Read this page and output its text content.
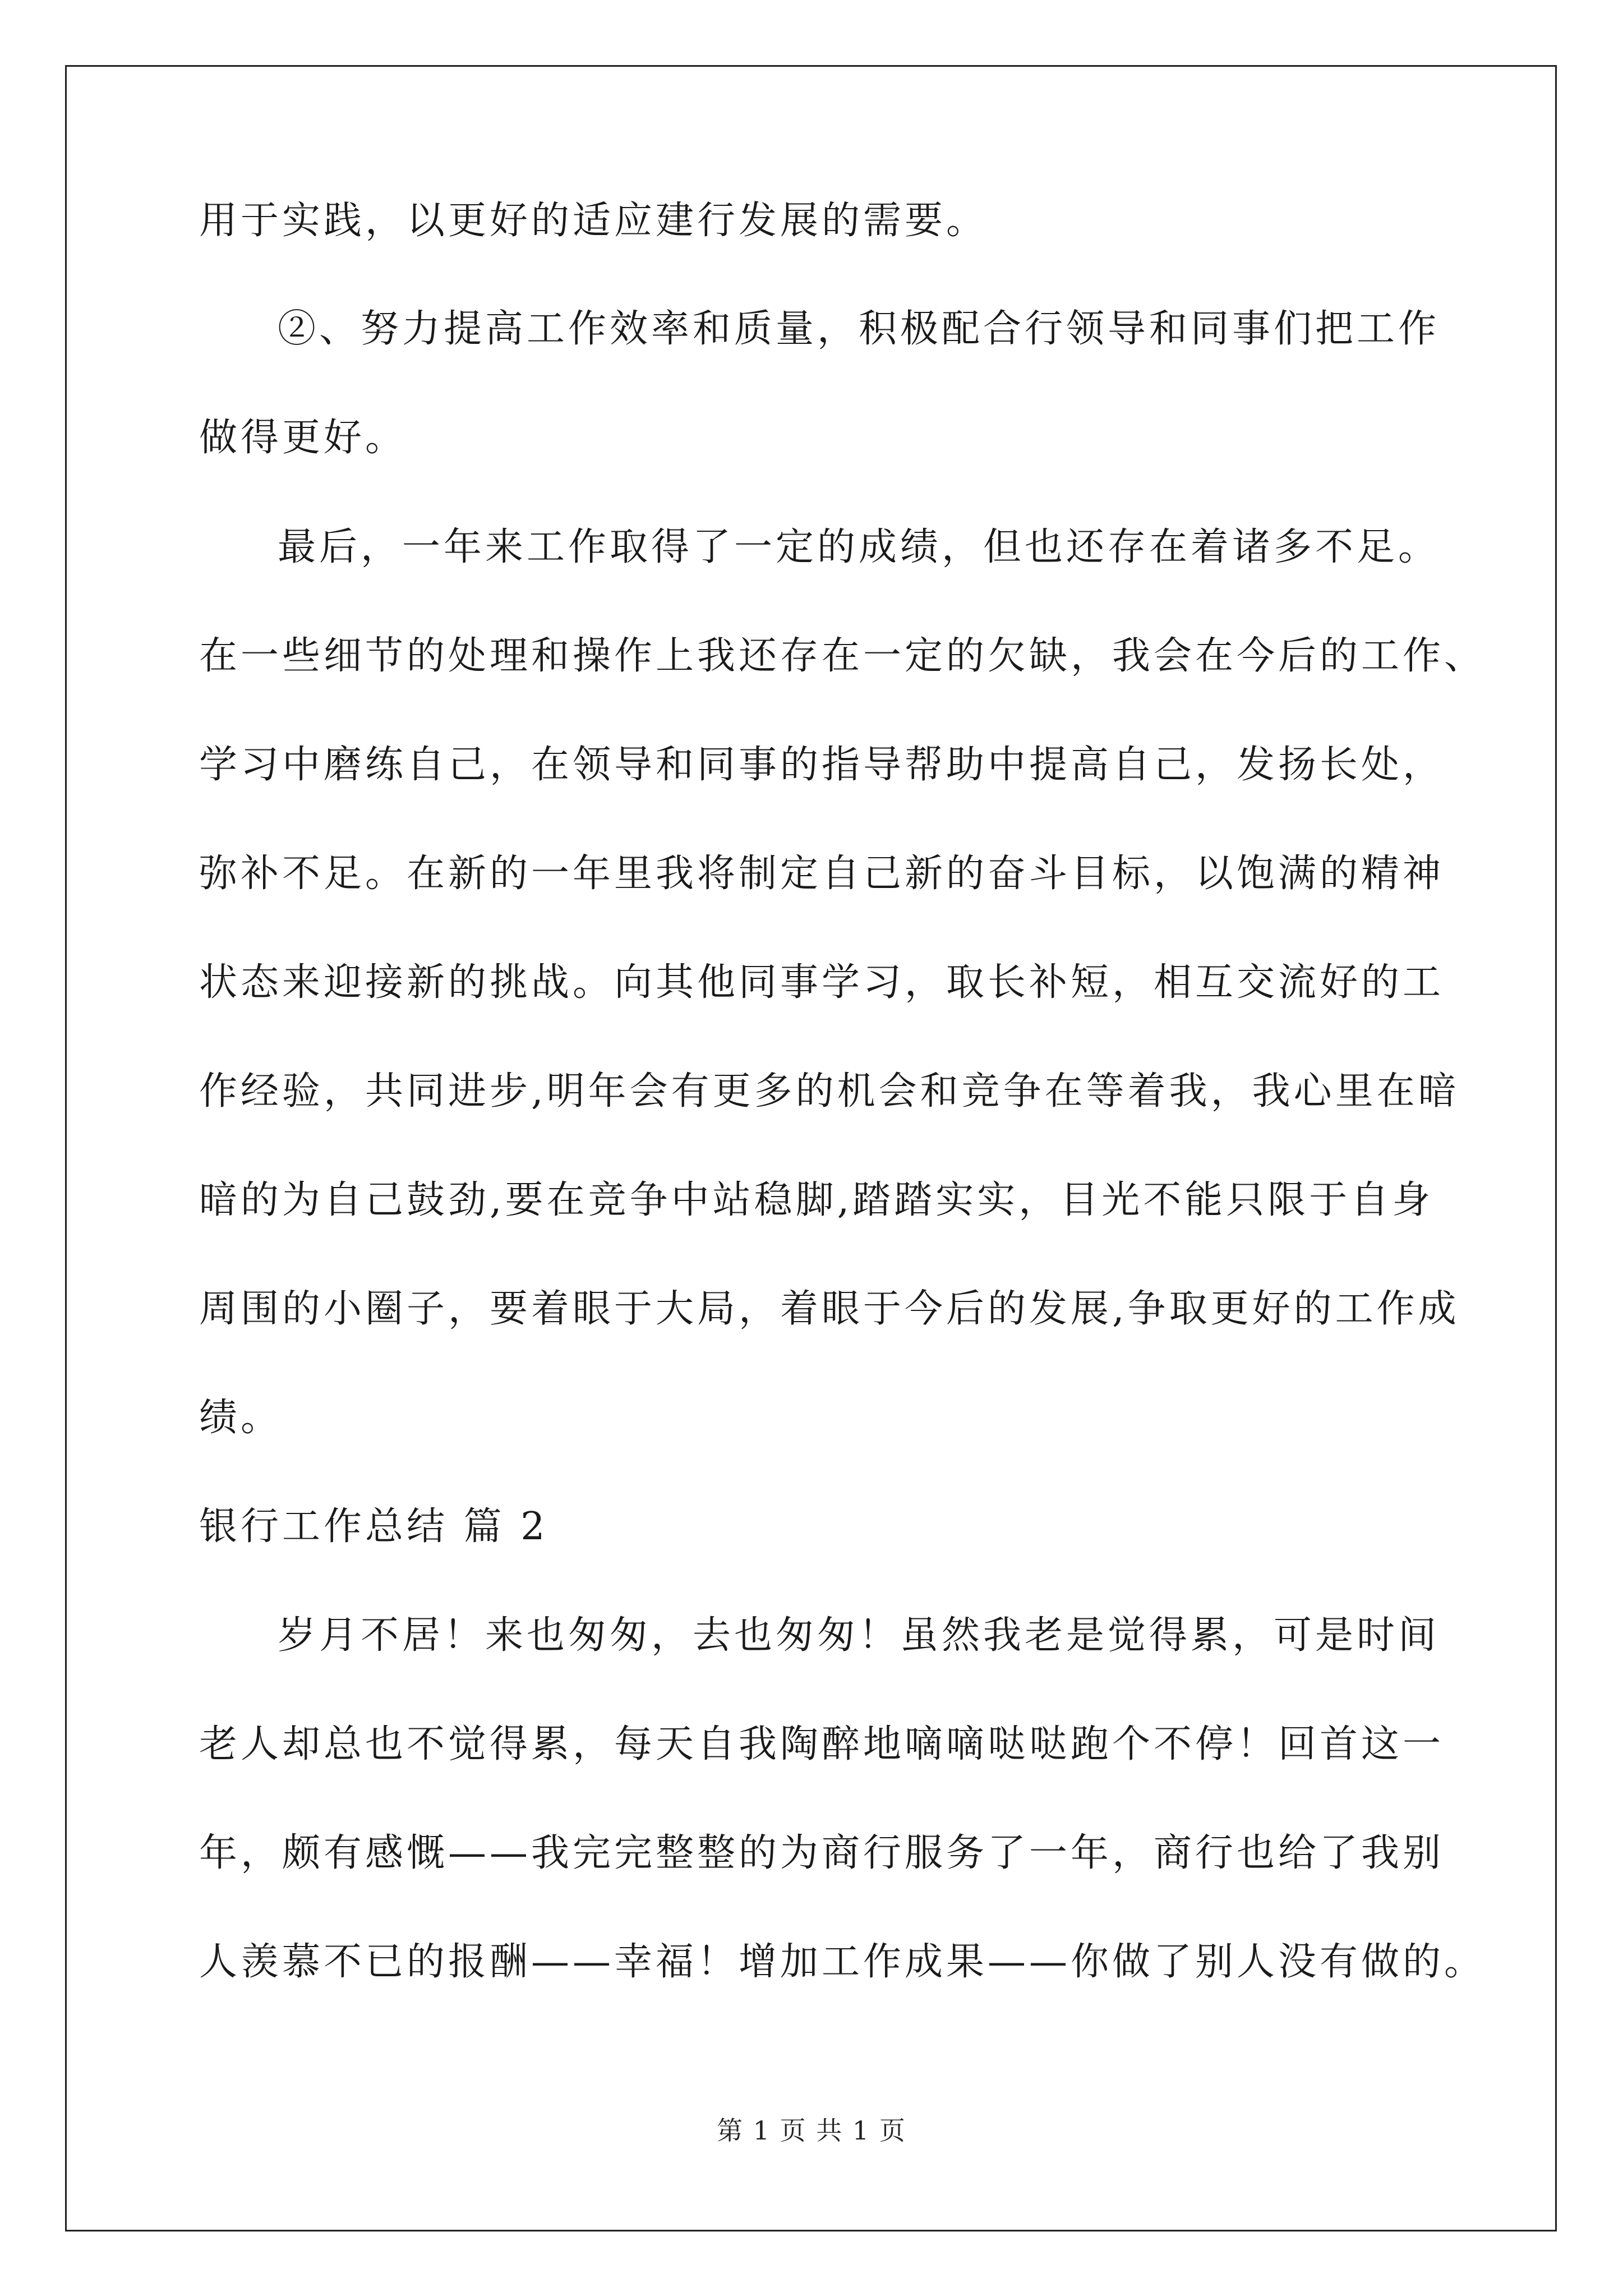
用于实践，以更好的适应建行发展的需要。
②、努力提高工作效率和质量，积极配合行领导和同事们把工作
做得更好。
最后，一年来工作取得了一定的成绩，但也还存在着诸多不足。
在一些细节的处理和操作上我还存在一定的欠缺，我会在今后的工作、
学习中磨练自己，在领导和同事的指导帮助中提高自己，发扬长处，
弥补不足。在新的一年里我将制定自己新的奋斗目标，以饱满的精神
状态来迎接新的挑战。向其他同事学习，取长补短，相互交流好的工
作经验，共同进步,明年会有更多的机会和竞争在等着我，我心里在暗
暗的为自己鼓劲,要在竞争中站稳脚,踏踏实实，目光不能只限于自身
周围的小圈子，要着眼于大局，着眼于今后的发展,争取更好的工作成
绩。
银行工作总结 篇 2
岁月不居！来也匆匆，去也匆匆！虽然我老是觉得累，可是时间
老人却总也不觉得累，每天自我陶醉地嘀嘀哒哒跑个不停！回首这一
年，颇有感慨——我完完整整的为商行服务了一年，商行也给了我别
人羡慕不已的报酬——幸福！增加工作成果——你做了别人没有做的。
第 1 页 共 1 页
